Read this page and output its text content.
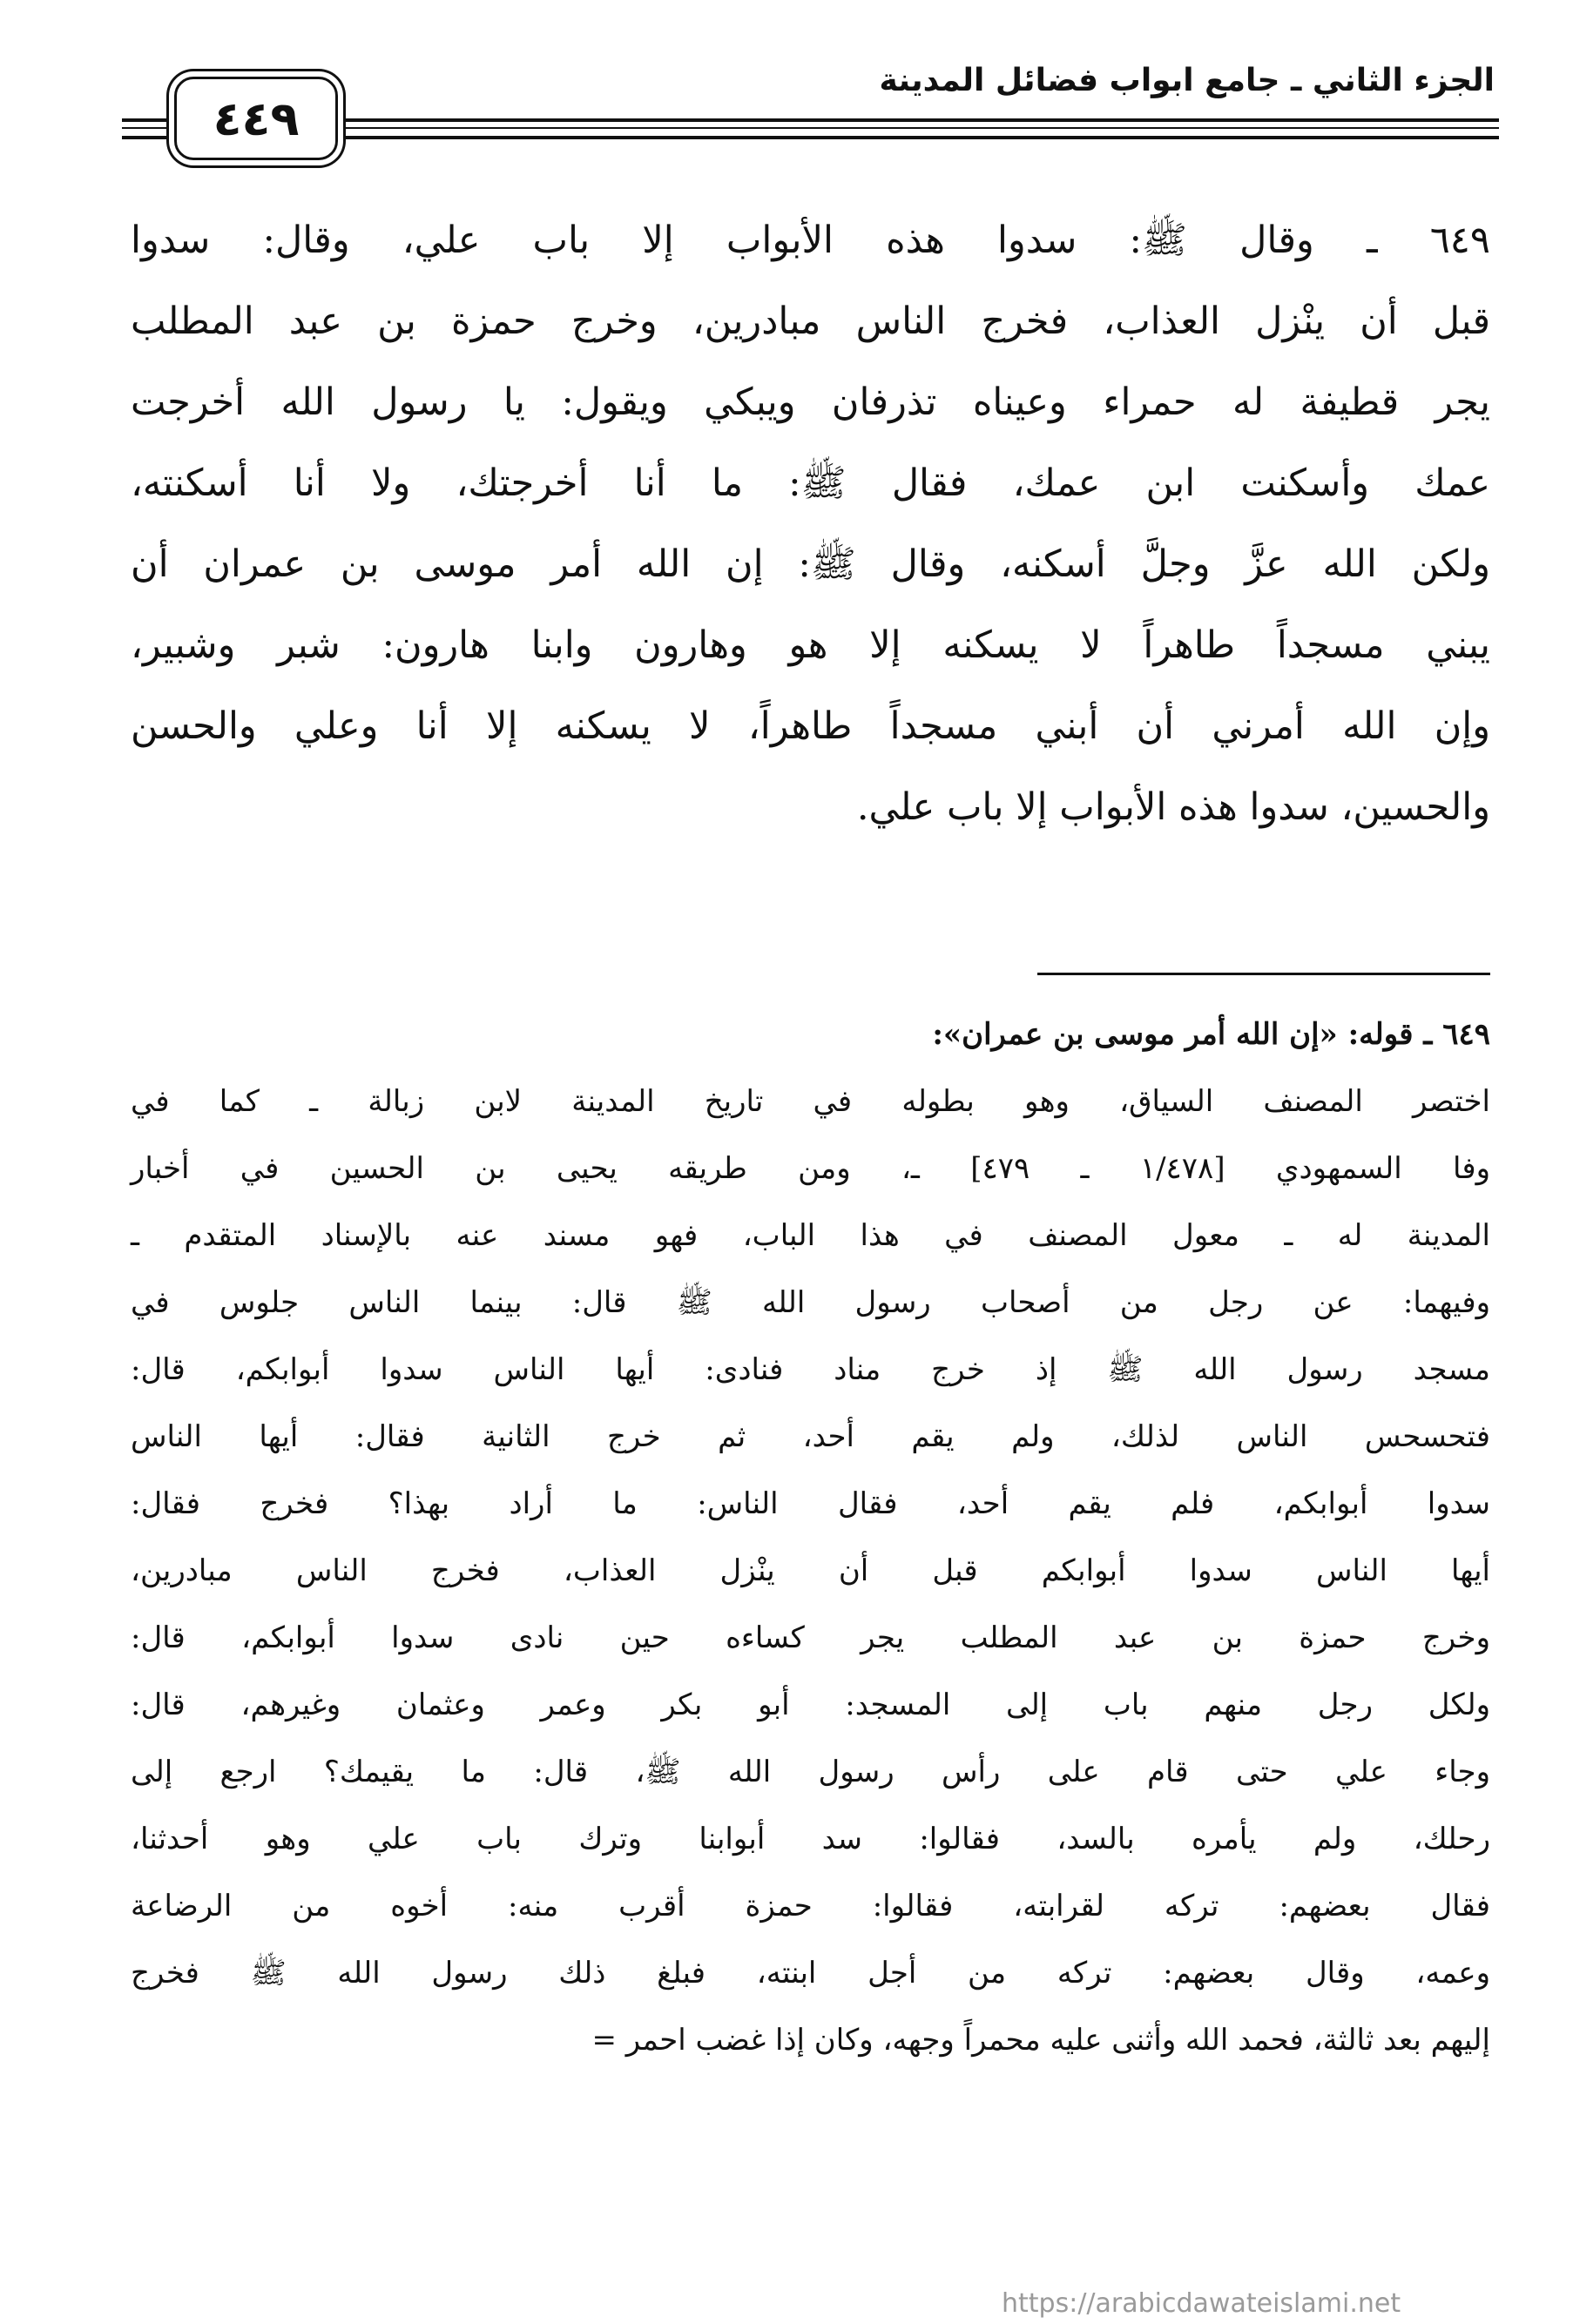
الجزء الثاني ـ جامع ابواب فضائل المدينة
٤٤٩
٦٤٩ ـ وقال ﷺ: سدوا هذه الأبواب إلا باب علي، وقال: سدوا
قبل أن ينْزل العذاب، فخرج الناس مبادرين، وخرج حمزة بن عبد المطلب
يجر قطيفة له حمراء وعيناه تذرفان ويبكي ويقول: يا رسول الله أخرجت
عمك وأسكنت ابن عمك، فقال ﷺ: ما أنا أخرجتك، ولا أنا أسكنته،
ولكن الله عزَّ وجلَّ أسكنه، وقال ﷺ: إن الله أمر موسى بن عمران أن
يبني مسجداً طاهراً لا يسكنه إلا هو وهارون وابنا هارون: شبر وشبير،
وإن الله أمرني أن أبني مسجداً طاهراً، لا يسكنه إلا أنا وعلي والحسن
والحسين، سدوا هذه الأبواب إلا باب علي.
٦٤٩ ـ قوله: «إن الله أمر موسى بن عمران»:
اختصر المصنف السياق، وهو بطوله في تاريخ المدينة لابن زبالة ـ كما في
وفا السمهودي [١/٤٧٨ ـ ٤٧٩] ـ، ومن طريقه يحيى بن الحسين في أخبار
المدينة له ـ معول المصنف في هذا الباب، فهو مسند عنه بالإسناد المتقدم ـ
وفيهما: عن رجل من أصحاب رسول الله ﷺ قال: بينما الناس جلوس في
مسجد رسول الله ﷺ إذ خرج مناد فنادى: أيها الناس سدوا أبوابكم، قال:
فتحسحس الناس لذلك، ولم يقم أحد، ثم خرج الثانية فقال: أيها الناس
سدوا أبوابكم، فلم يقم أحد، فقال الناس: ما أراد بهذا؟ فخرج فقال:
أيها الناس سدوا أبوابكم قبل أن ينْزل العذاب، فخرج الناس مبادرين،
وخرج حمزة بن عبد المطلب يجر كساءه حين نادى سدوا أبوابكم، قال:
ولكل رجل منهم باب إلى المسجد: أبو بكر وعمر وعثمان وغيرهم، قال:
وجاء علي حتى قام على رأس رسول الله ﷺ، قال: ما يقيمك؟ ارجع إلى
رحلك، ولم يأمره بالسد، فقالوا: سد أبوابنا وترك باب علي وهو أحدثنا،
فقال بعضهم: تركه لقرابته، فقالوا: حمزة أقرب منه: أخوه من الرضاعة
وعمه، وقال بعضهم: تركه من أجل ابنته، فبلغ ذلك رسول الله ﷺ فخرج
إليهم بعد ثالثة، فحمد الله وأثنى عليه محمراً وجهه، وكان إذا غضب احمر =
https://arabicdawateislami.net
